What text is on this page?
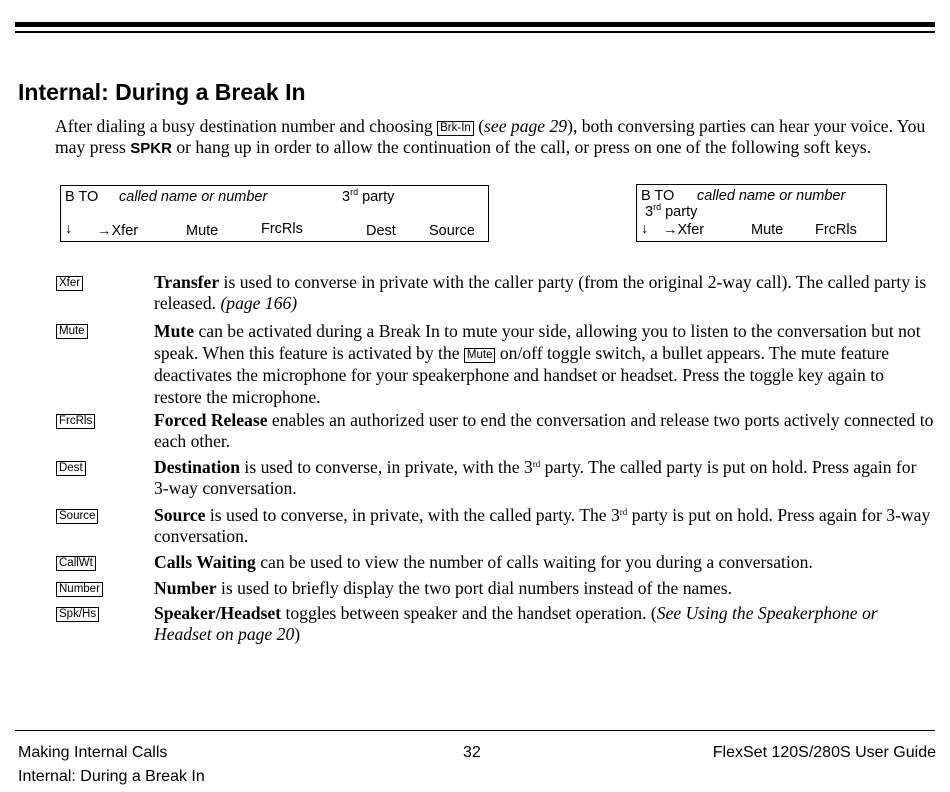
Internal: During a Break In
After dialing a busy destination number and choosing Brk-In (see page 29), both conversing parties can hear your voice. You may press SPKR or hang up in order to allow the continuation of the call, or press on one of the following soft keys.
B TO called name or number	3rd party
↓ →Xfer	Mute	FrcRls	Dest Source
B TO called name or number
3rd party
↓ →Xfer	Mute FrcRls
Xfer	Transfer is used to converse in private with the caller party (from the original 2-way call). The called party is released. (page 166)
Mute	Mute can be activated during a Break In to mute your side, allowing you to listen to the conversation but not speak. When this feature is activated by the Mute on/off toggle switch, a bullet appears. The mute feature deactivates the microphone for your speakerphone and handset or headset. Press the toggle key again to restore the microphone.
FrcRls	Forced Release enables an authorized user to end the conversation and release two ports actively connected to each other.
Dest	Destination is used to converse, in private, with the 3rd party. The called party is put on hold. Press again for 3-way conversation.
Source	Source is used to converse, in private, with the called party. The 3rd party is put on hold. Press again for 3-way conversation.
CallWt	Calls Waiting can be used to view the number of calls waiting for you during a conversation.
Number	Number is used to briefly display the two port dial numbers instead of the names.
Spk/Hs	Speaker/Headset toggles between speaker and the handset operation. (See Using the Speakerphone or Headset on page 20)
Making Internal Calls
Internal: During a Break In
32	FlexSet 120S/280S User Guide
